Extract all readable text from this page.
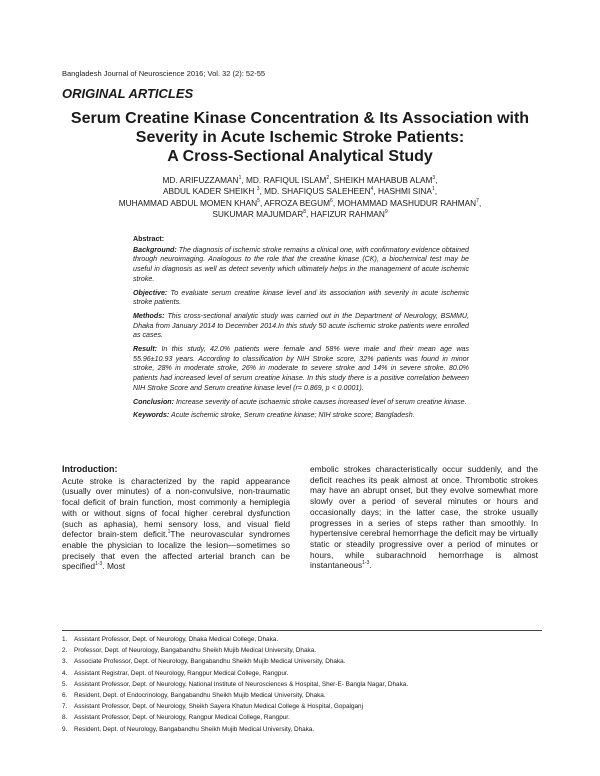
Bangladesh Journal of Neuroscience 2016; Vol. 32 (2): 52-55
ORIGINAL ARTICLES
Serum Creatine Kinase Concentration & Its Association with
Severity in Acute Ischemic Stroke Patients:
A Cross-Sectional Analytical Study
MD. ARIFUZZAMAN$^1$, MD. RAFIQUL ISLAM$^2$, SHEIKH MAHABUB ALAM$^3$,
ABDUL KADER SHEIKH $^3$, MD. SHAFIQUS SALEHEEN$^4$, HASHMI SINA$^1$,
MUHAMMAD ABDUL MOMEN KHAN$^5$, AFROZA BEGUM$^6$, MOHAMMAD MASHUDUR RAHMAN$^7$,
SUKUMAR MAJUMDAR$^8$, HAFIZUR RAHMAN$^9$
Abstract:
Background: The diagnosis of ischemic stroke remains a clinical one, with confirmatory evidence obtained through neuroimaging. Analogous to the role that the creatine kinase (CK), a biochemical test may be useful in diagnosis as well as detect severity which ultimately helps in the management of acute ischemic stroke.
Objective: To evaluate serum creatine kinase level and its association with severity in acute ischemic stroke patients.
Methods: This cross-sectional analytic study was carried out in the Department of Neurology, BSMMU, Dhaka from January 2014 to December 2014.In this study 50 acute ischemic stroke patients were enrolled as cases.
Result: In this study, 42.0% patients were female and 58% were male and their mean age was 55.96±10.93 years. According to classification by NIH Stroke score, 32% patients was found in minor stroke, 28% in moderate stroke, 26% in moderate to severe stroke and 14% in severe stroke. 80.0% patients had increased level of serum creatine kinase. In this study there is a positive correlation between NIH Stroke Score and Serum creatine kinase level (r= 0.869, p < 0.0001).
Conclusion: Increase severity of acute ischaemic stroke causes increased level of serum creatine kinase.
Keywords: Acute ischemic stroke, Serum creatine kinase; NIH stroke score; Bangladesh.
Introduction:
Acute stroke is characterized by the rapid appearance (usually over minutes) of a non-convulsive, non-traumatic focal deficit of brain function, most commonly a hemiplegia with or without signs of focal higher cerebral dysfunction (such as aphasia), hemi sensory loss, and visual field defector brain-stem deficit.$^1$The neurovascular syndromes enable the physician to localize the lesion—sometimes so precisely that even the affected arterial branch can be specified$^{1-3}$. Most
embolic strokes characteristically occur suddenly, and the deficit reaches its peak almost at once. Thrombotic strokes may have an abrupt onset, but they evolve somewhat more slowly over a period of several minutes or hours and occasionally days; in the latter case, the stroke usually progresses in a series of steps rather than smoothly. In hypertensive cerebral hemorrhage the deficit may be virtually static or steadily progressive over a period of minutes or hours, while subarachnoid hemorrhage is almost instantaneous$^{1-3}$.
1. Assistant Professor, Dept. of Neurology, Dhaka Medical College, Dhaka.
2. Professor, Dept. of Neurology, Bangabandhu Sheikh Mujib Medical University, Dhaka.
3. Associate Professor, Dept. of Neurology, Bangabandhu Sheikh Mujib Medical University, Dhaka.
4. Assistant Registrar, Dept. of Neurology, Rangpur Medical College, Rangpur.
5. Assistant Professor, Dept. of Neurology, National Institute of Neurosciences & Hospital, Sher-E- Bangla Nagar, Dhaka.
6. Resident, Dept. of Endocrinology, Bangabandhu Sheikh Mujib Medical University, Dhaka.
7. Assistant Professor, Dept. of Neurology, Sheikh Sayera Khatun Medical College & Hospital, Gopalganj
8. Assistant Professor, Dept. of Neurology, Rangpur Medical College, Rangpur.
9. Resident, Dept. of Neurology, Bangabandhu Sheikh Mujib Medical University, Dhaka.
